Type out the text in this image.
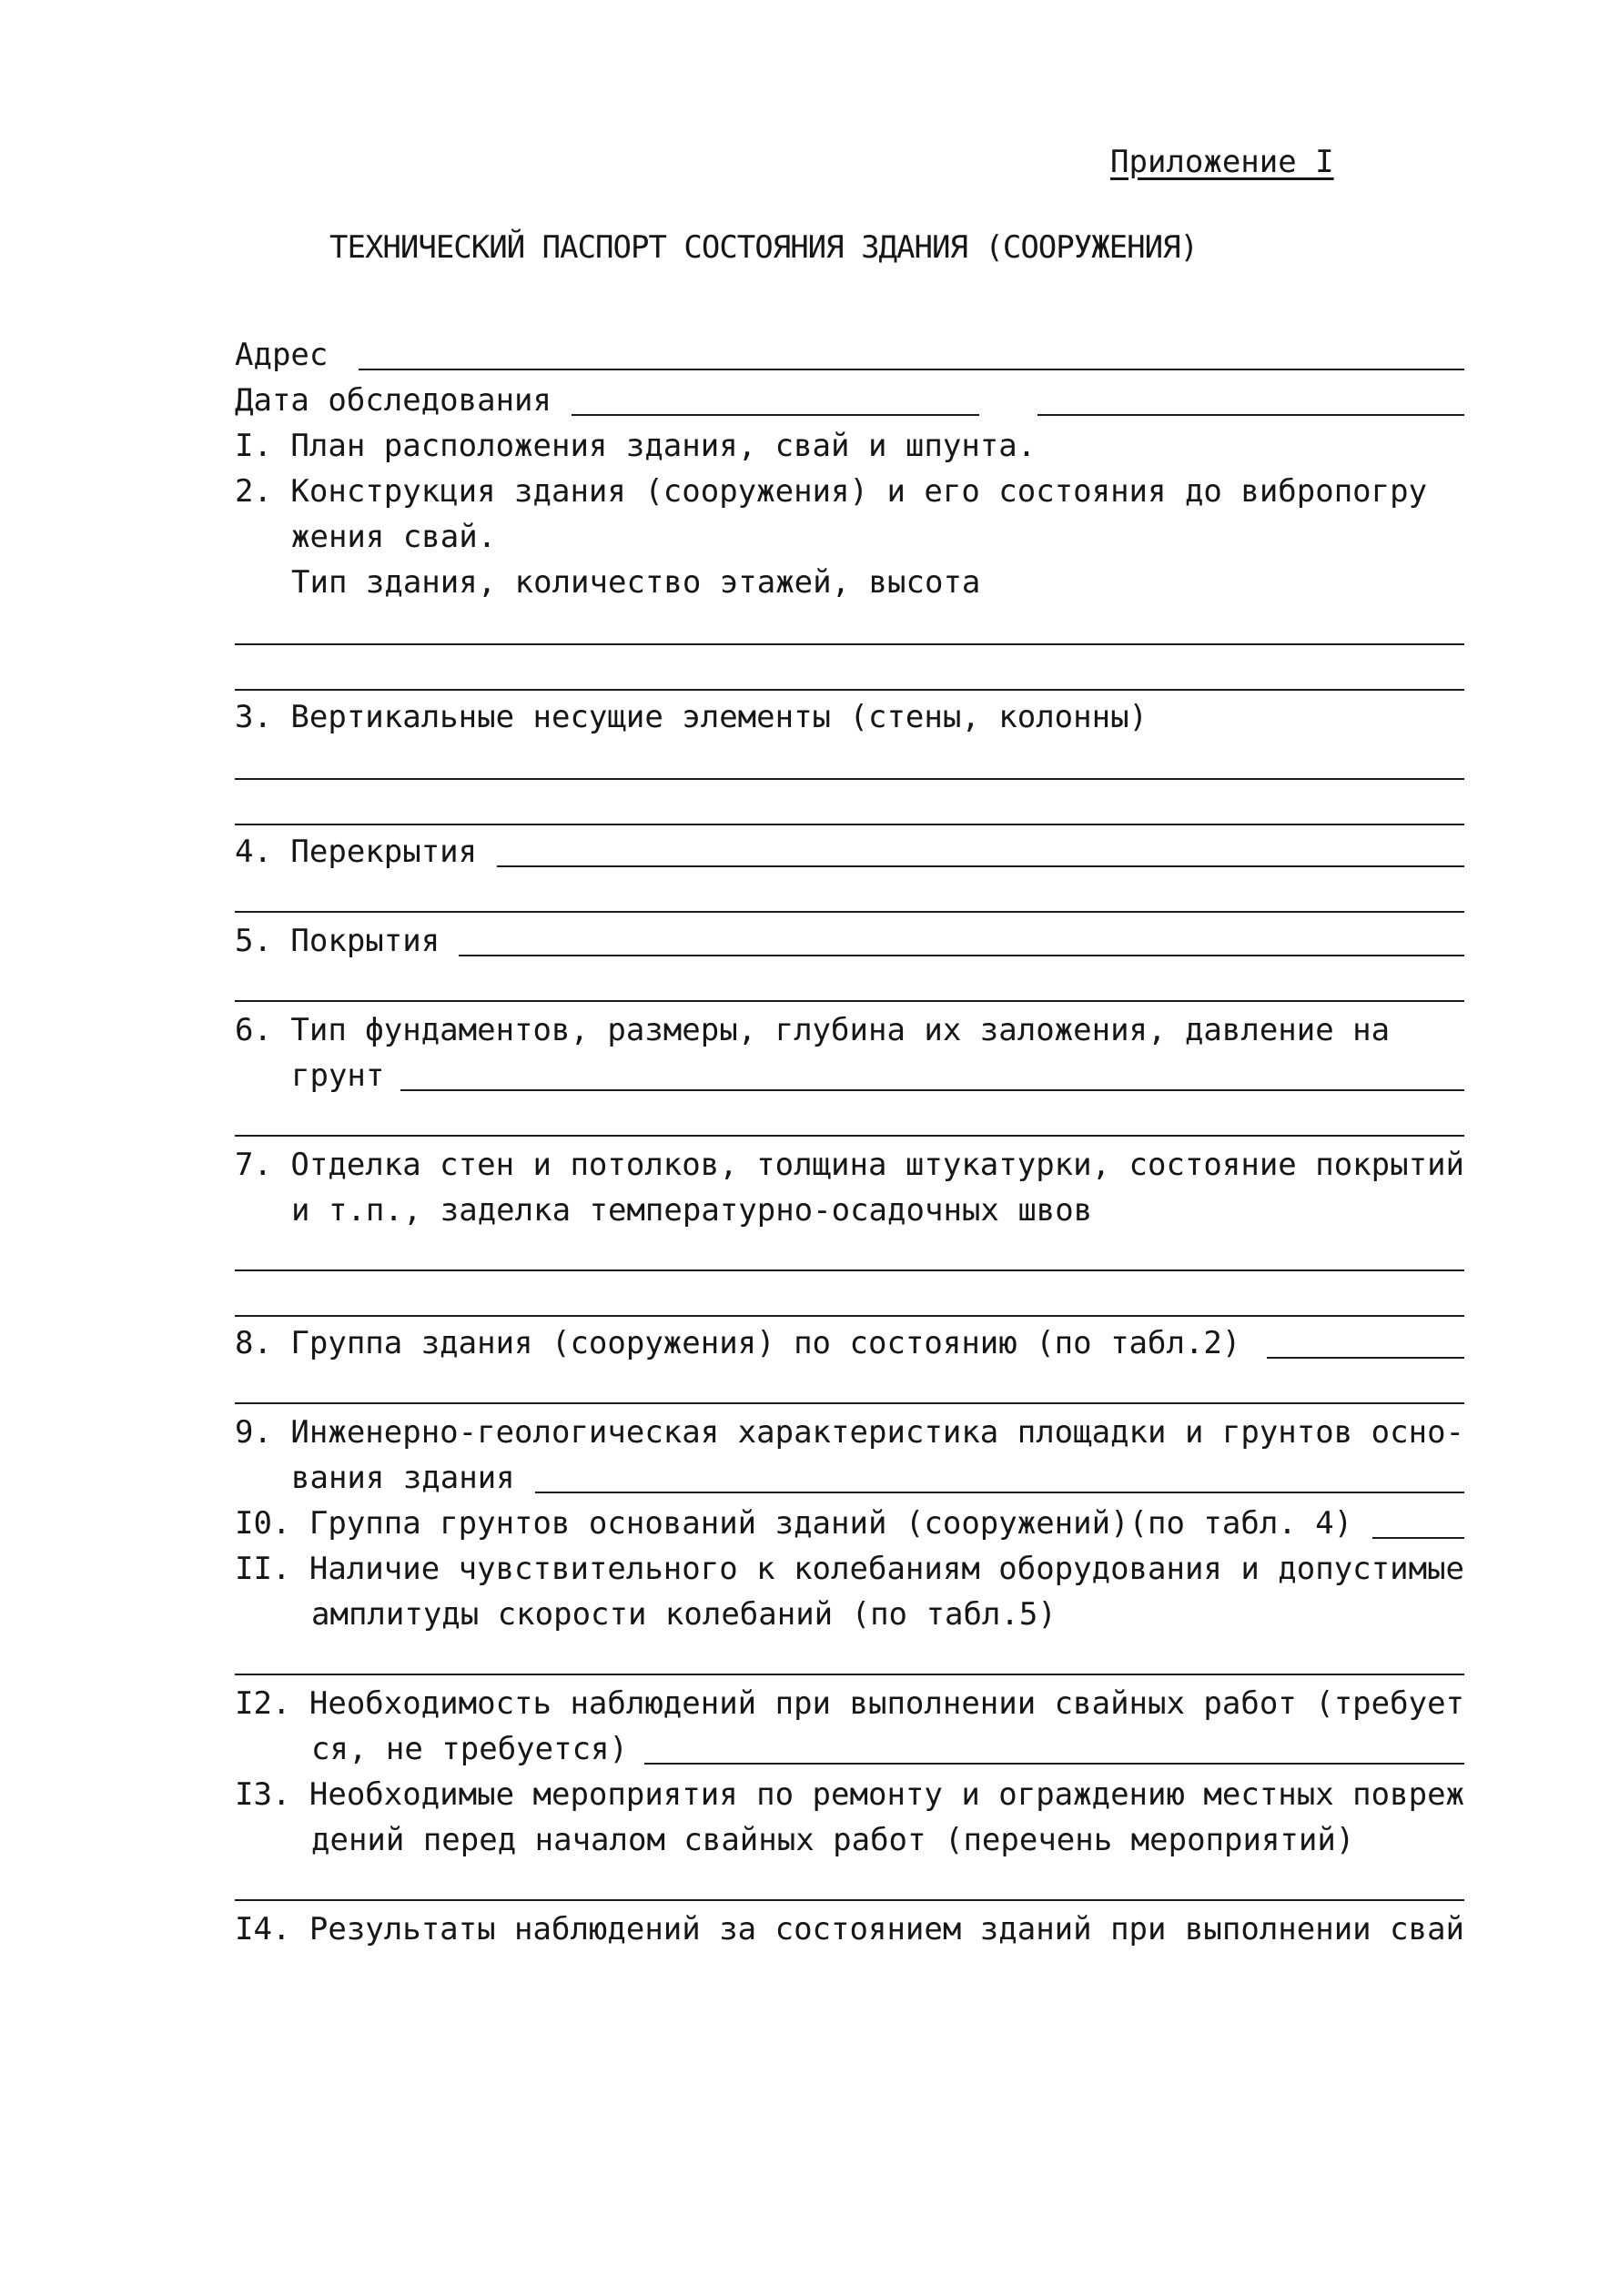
Приложение I
ТЕХНИЧЕСКИЙ ПАСПОРТ СОСТОЯНИЯ ЗДАНИЯ (СООРУЖЕНИЯ)
Адрес
Дата обследования
I. План расположения здания, свай и шпунта.
2. Конструкция здания (сооружения) и его состояния до вибропогру
жения свай.
Тип здания, количество этажей, высота
3. Вертикальные несущие элементы (стены, колонны)
4. Перекрытия
5. Покрытия
6. Тип фундаментов, размеры, глубина их заложения, давление на
грунт
7. Отделка стен и потолков, толщина штукатурки, состояние покрытий
и т.п., заделка температурно-осадочных швов
8. Группа здания (сооружения) по состоянию (по табл.2)
9. Инженерно-геологическая характеристика площадки и грунтов осно-
вания здания
I0. Группа грунтов оснований зданий (сооружений)(по табл. 4)
II. Наличие чувствительного к колебаниям оборудования и допустимые
амплитуды скорости колебаний (по табл.5)
I2. Необходимость наблюдений при выполнении свайных работ (требует
ся, не требуется)
I3. Необходимые мероприятия по ремонту и ограждению местных повреж
дений перед началом свайных работ (перечень мероприятий)
I4. Результаты наблюдений за состоянием зданий при выполнении свай
